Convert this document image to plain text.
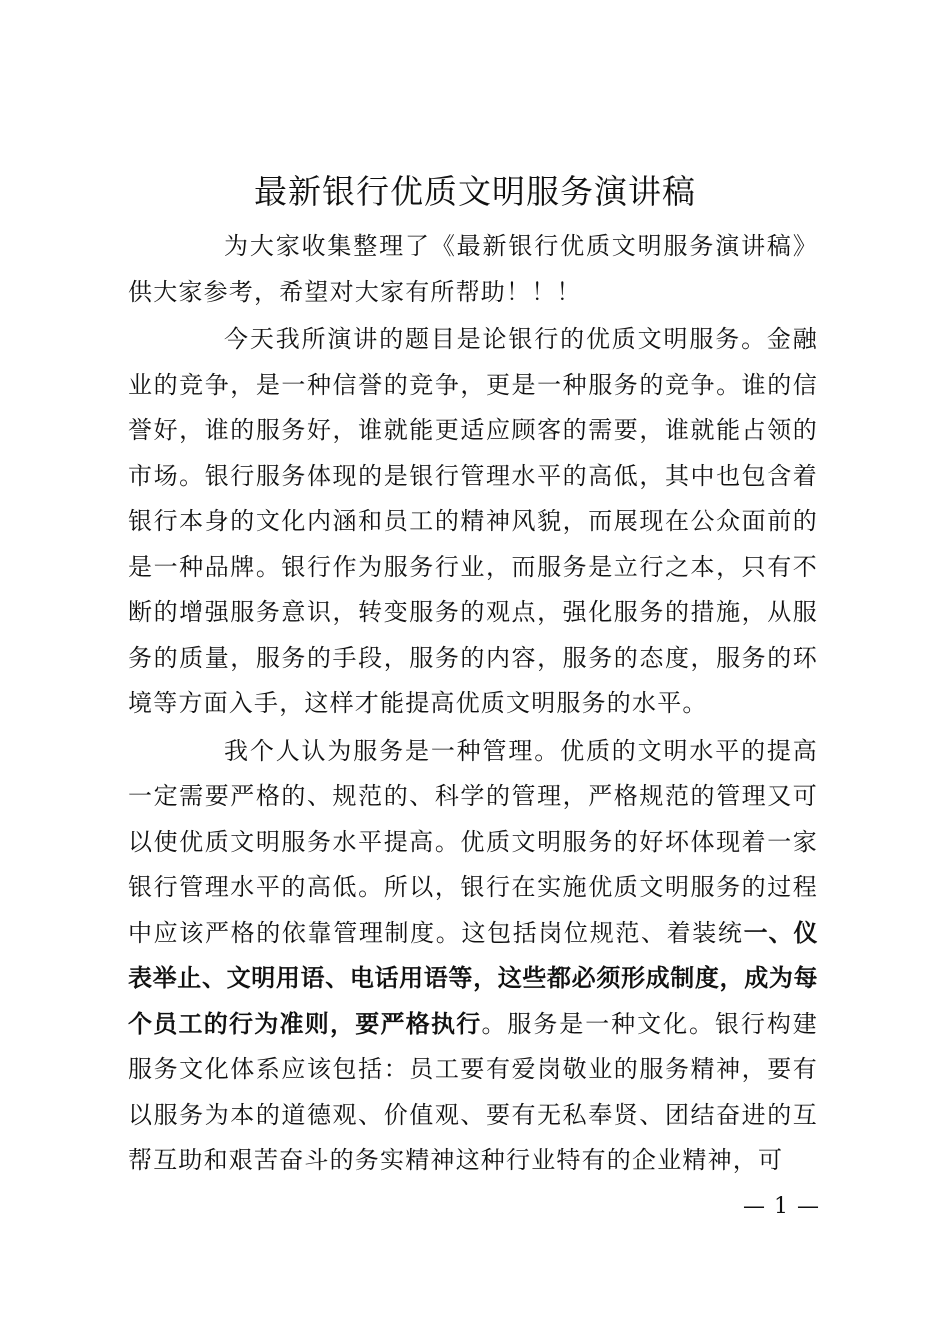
最新银行优质文明服务演讲稿

为大家收集整理了《最新银行优质文明服务演讲稿》供大家参考，希望对大家有所帮助！！！

今天我所演讲的题目是论银行的优质文明服务。金融业的竞争，是一种信誉的竞争，更是一种服务的竞争。谁的信誉好，谁的服务好，谁就能更适应顾客的需要，谁就能占领的市场。银行服务体现的是银行管理水平的高低，其中也包含着银行本身的文化内涵和员工的精神风貌，而展现在公众面前的是一种品牌。银行作为服务行业，而服务是立行之本，只有不断的增强服务意识，转变服务的观点，强化服务的措施，从服务的质量，服务的手段，服务的内容，服务的态度，服务的环境等方面入手，这样才能提高优质文明服务的水平。

我个人认为服务是一种管理。优质的文明水平的提高一定需要严格的、规范的、科学的管理，严格规范的管理又可以使优质文明服务水平提高。优质文明服务的好坏体现着一家银行管理水平的高低。所以，银行在实施优质文明服务的过程中应该严格的依靠管理制度。这包括岗位规范、着装统一、仪表举止、文明用语、电话用语等，这些都必须形成制度，成为每个员工的行为准则，要严格执行。服务是一种文化。银行构建服务文化体系应该包括：员工要有爱岗敬业的服务精神，要有以服务为本的道德观、价值观、要有无私奉贤、团结奋进的互帮互助和艰苦奋斗的务实精神这种行业特有的企业精神，可

— 1 —
